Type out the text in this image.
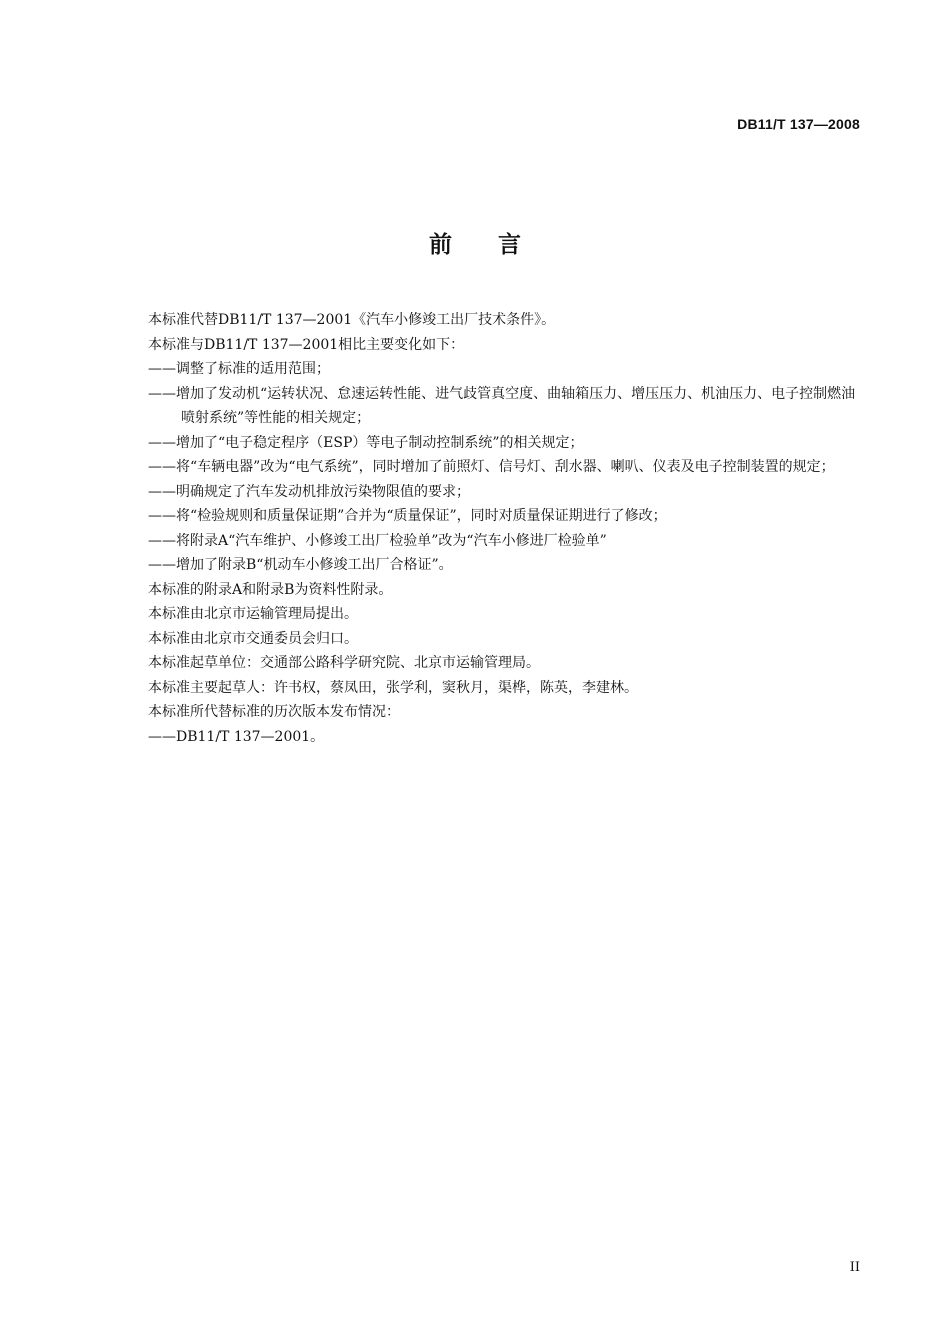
DB11/T 137—2008
前　　言

本标准代替DB11/T 137—2001《汽车小修竣工出厂技术条件》。

本标准与DB11/T 137—2001相比主要变化如下：

——调整了标准的适用范围；

——增加了发动机“运转状况、怠速运转性能、进气歧管真空度、曲轴箱压力、增压压力、机油压力、电子控制燃油喷射系统”等性能的相关规定；

——增加了“电子稳定程序（ESP）等电子制动控制系统”的相关规定；

——将“车辆电器”改为“电气系统”，同时增加了前照灯、信号灯、刮水器、喇叭、仪表及电子控制装置的规定；

——明确规定了汽车发动机排放污染物限值的要求；

——将“检验规则和质量保证期”合并为“质量保证”，同时对质量保证期进行了修改；

——将附录A“汽车维护、小修竣工出厂检验单”改为“汽车小修进厂检验单”

——增加了附录B“机动车小修竣工出厂合格证”。

本标准的附录A和附录B为资料性附录。

本标准由北京市运输管理局提出。

本标准由北京市交通委员会归口。

本标准起草单位：交通部公路科学研究院、北京市运输管理局。

本标准主要起草人：许书权，蔡凤田，张学利，窦秋月，渠桦，陈英，李建林。

本标准所代替标准的历次版本发布情况：

——DB11/T 137—2001。

II
